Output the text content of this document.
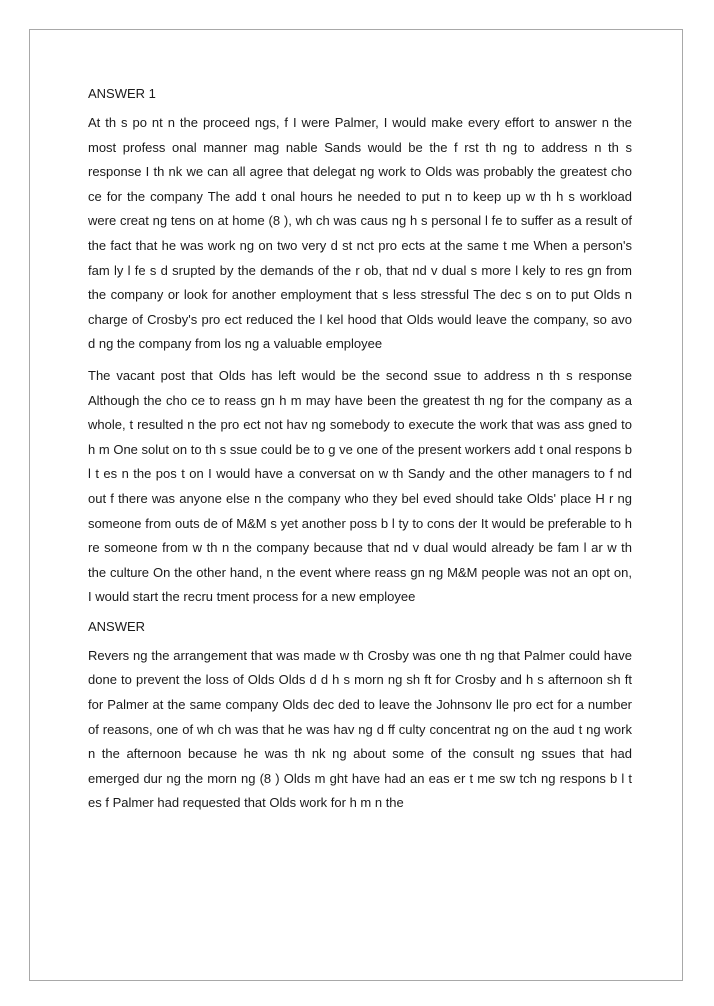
ANSWER 1

At th s po nt n the proceed ngs, f I were Palmer, I would make every effort to answer n the most profess onal manner mag nable Sands would be the f rst th ng to address n th s response I th nk we can all agree that delegat ng work to Olds was probably the greatest cho ce for the company The add t onal hours he needed to put n to keep up w th h s workload were creat ng tens on at home (8 ), wh ch was caus ng h s personal l fe to suffer as a result of the fact that he was work ng on two very d st nct pro ects at the same t me When a person's fam ly l fe s d srupted by the demands of the r ob, that nd v dual s more l kely to res gn from the company or look for another employment that s less stressful The dec s on to put Olds n charge of Crosby's pro ect reduced the l kel hood that Olds would leave the company, so avo d ng the company from los ng a valuable employee

The vacant post that Olds has left would be the second ssue to address n th s response Although the cho ce to reass gn h m may have been the greatest th ng for the company as a whole, t resulted n the pro ect not hav ng somebody to execute the work that was ass gned to h m One solut on to th s ssue could be to g ve one of the present workers add t onal respons b l t es n the pos t on I would have a conversat on w th Sandy and the other managers to f nd out f there was anyone else n the company who they bel eved should take Olds' place H r ng someone from outs de of M&M s yet another poss b l ty to cons der It would be preferable to h re someone from w th n the company because that nd v dual would already be fam l ar w th the culture On the other hand, n the event where reass gn ng M&M people was not an opt on, I would start the recru tment process for a new employee

ANSWER

Revers ng the arrangement that was made w th Crosby was one th ng that Palmer could have done to prevent the loss of Olds Olds d d h s morn ng sh ft for Crosby and h s afternoon sh ft for Palmer at the same company Olds dec ded to leave the Johnsonv lle pro ect for a number of reasons, one of wh ch was that he was hav ng d ff culty concentrat ng on the aud t ng work n the afternoon because he was th nk ng about some of the consult ng ssues that had emerged dur ng the morn ng (8 ) Olds m ght have had an eas er t me sw tch ng respons b l t es f Palmer had requested that Olds work for h m n the
